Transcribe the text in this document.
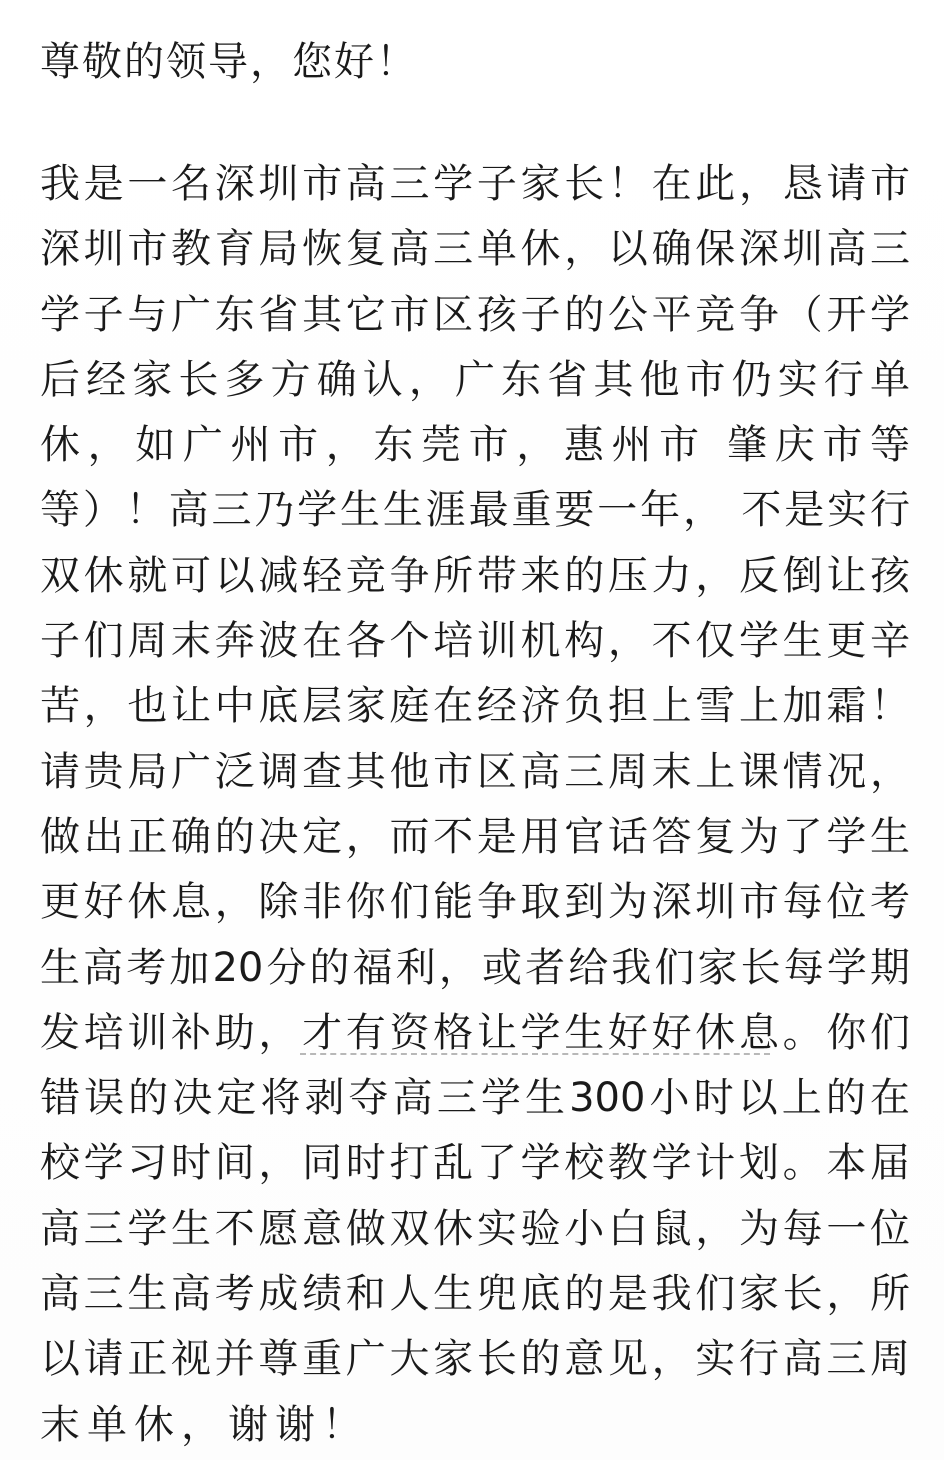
尊敬的领导，您好！
我是一名深圳市高三学子家长！在此，恳请市
深圳市教育局恢复高三单休，以确保深圳高三
学子与广东省其它市区孩子的公平竞争（开学
后经家长多方确认，广东省其他市仍实行单
休，如广州市，东莞市，惠州市 肇庆市等
等）！高三乃学生生涯最重要一年， 不是实行
双休就可以减轻竞争所带来的压力，反倒让孩
子们周末奔波在各个培训机构，不仅学生更辛
苦，也让中底层家庭在经济负担上雪上加霜！
请贵局广泛调查其他市区高三周末上课情况，
做出正确的决定，而不是用官话答复为了学生
更好休息，除非你们能争取到为深圳市每位考
生高考加20分的福利，或者给我们家长每学期
发培训补助，才有资格让学生好好休息。你们
错误的决定将剥夺高三学生300小时以上的在
校学习时间，同时打乱了学校教学计划。本届
高三学生不愿意做双休实验小白鼠，为每一位
高三生高考成绩和人生兜底的是我们家长，所
以请正视并尊重广大家长的意见，实行高三周
末单休，谢谢！
